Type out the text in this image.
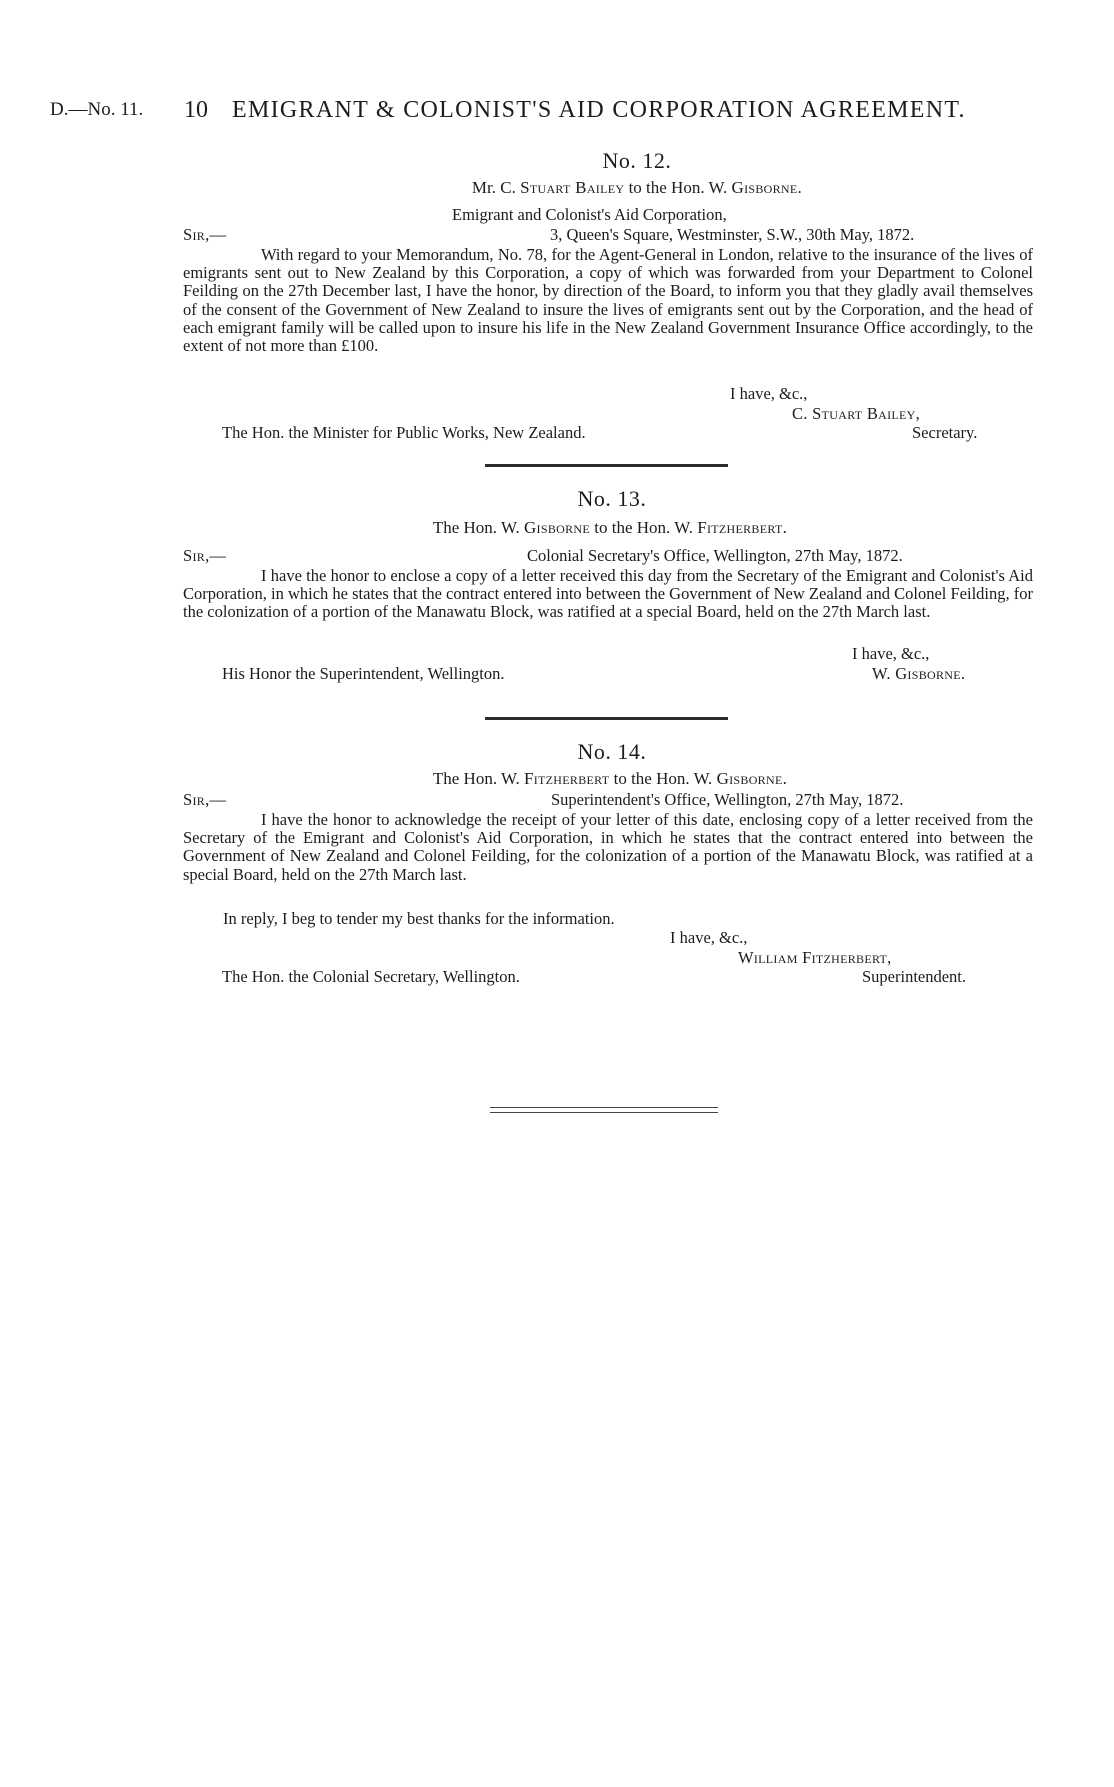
D.—No. 11. 10 EMIGRANT & COLONIST'S AID CORPORATION AGREEMENT.
No. 12.
Mr. C. Stuart Bailey to the Hon. W. Gisborne.
Emigrant and Colonist's Aid Corporation,
Sir,—	3, Queen's Square, Westminster, S.W., 30th May, 1872.
With regard to your Memorandum, No. 78, for the Agent-General in London, relative to the insurance of the lives of emigrants sent out to New Zealand by this Corporation, a copy of which was forwarded from your Department to Colonel Feilding on the 27th December last, I have the honor, by direction of the Board, to inform you that they gladly avail themselves of the consent of the Government of New Zealand to insure the lives of emigrants sent out by the Corporation, and the head of each emigrant family will be called upon to insure his life in the New Zealand Government Insurance Office accordingly, to the extent of not more than £100.
I have, &c.,
C. Stuart Bailey,
The Hon. the Minister for Public Works, New Zealand.	Secretary.
No. 13.
The Hon. W. Gisborne to the Hon. W. Fitzherbert.
Sir,—	Colonial Secretary's Office, Wellington, 27th May, 1872.
I have the honor to enclose a copy of a letter received this day from the Secretary of the Emigrant and Colonist's Aid Corporation, in which he states that the contract entered into between the Government of New Zealand and Colonel Feilding, for the colonization of a portion of the Manawatu Block, was ratified at a special Board, held on the 27th March last.
I have, &c.,
His Honor the Superintendent, Wellington.	W. Gisborne.
No. 14.
The Hon. W. Fitzherbert to the Hon. W. Gisborne.
Sir,—	Superintendent's Office, Wellington, 27th May, 1872.
I have the honor to acknowledge the receipt of your letter of this date, enclosing copy of a letter received from the Secretary of the Emigrant and Colonist's Aid Corporation, in which he states that the contract entered into between the Government of New Zealand and Colonel Feilding, for the colonization of a portion of the Manawatu Block, was ratified at a special Board, held on the 27th March last.
In reply, I beg to tender my best thanks for the information.
I have, &c.,
William Fitzherbert,
The Hon. the Colonial Secretary, Wellington.	Superintendent.
